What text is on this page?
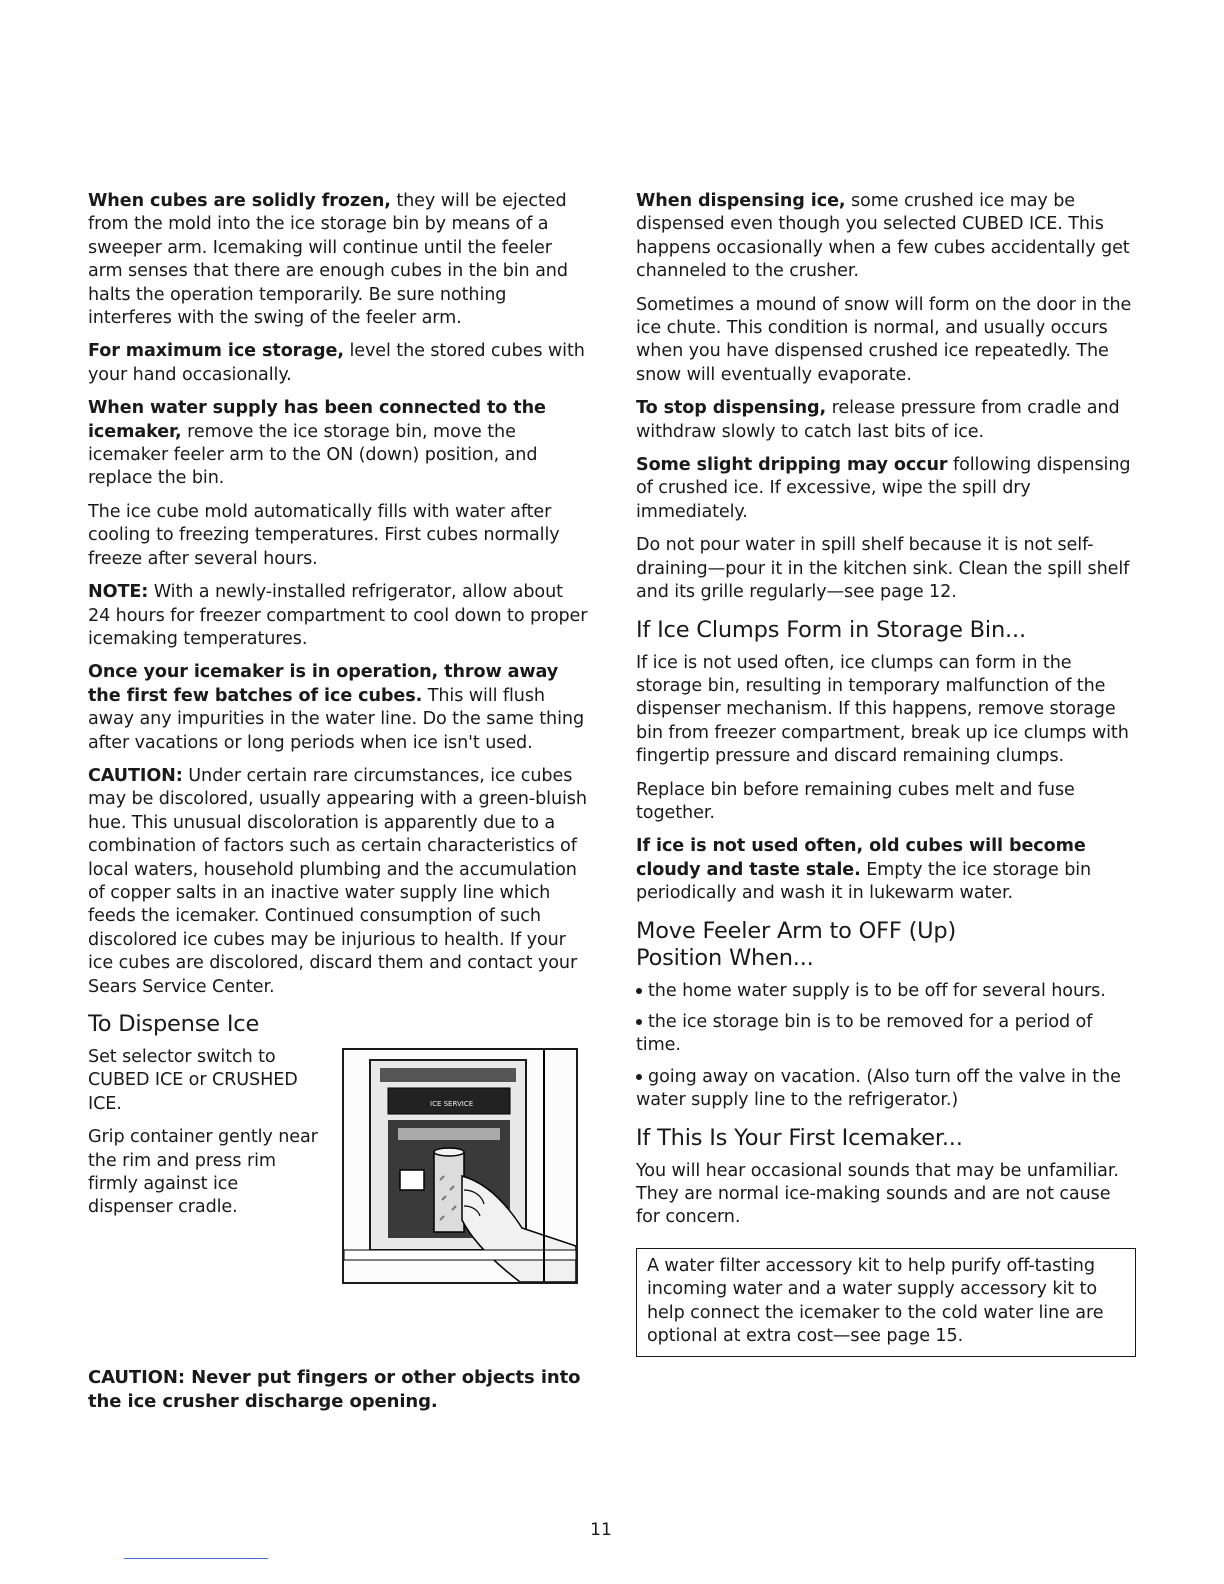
When cubes are solidly frozen, they will be ejected from the mold into the ice storage bin by means of a sweeper arm. Icemaking will continue until the feeler arm senses that there are enough cubes in the bin and halts the operation temporarily. Be sure nothing interferes with the swing of the feeler arm.

For maximum ice storage, level the stored cubes with your hand occasionally.

When water supply has been connected to the icemaker, remove the ice storage bin, move the icemaker feeler arm to the ON (down) position, and replace the bin.

The ice cube mold automatically fills with water after cooling to freezing temperatures. First cubes normally freeze after several hours.

NOTE: With a newly-installed refrigerator, allow about 24 hours for freezer compartment to cool down to proper icemaking temperatures.

Once your icemaker is in operation, throw away the first few batches of ice cubes. This will flush away any impurities in the water line. Do the same thing after vacations or long periods when ice isn't used.

CAUTION: Under certain rare circumstances, ice cubes may be discolored, usually appearing with a green-bluish hue. This unusual discoloration is apparently due to a combination of factors such as certain characteristics of local waters, household plumbing and the accumulation of copper salts in an inactive water supply line which feeds the icemaker. Continued consumption of such discolored ice cubes may be injurious to health. If your ice cubes are discolored, discard them and contact your Sears Service Center.

To Dispense Ice

Set selector switch to CUBED ICE or CRUSHED ICE.

Grip container gently near the rim and press rim firmly against ice dispenser cradle.

ICE SERVICE

CAUTION: Never put fingers or other objects into the ice crusher discharge opening.

When dispensing ice, some crushed ice may be dispensed even though you selected CUBED ICE. This happens occasionally when a few cubes accidentally get channeled to the crusher.

Sometimes a mound of snow will form on the door in the ice chute. This condition is normal, and usually occurs when you have dispensed crushed ice repeatedly. The snow will eventually evaporate.

To stop dispensing, release pressure from cradle and withdraw slowly to catch last bits of ice.

Some slight dripping may occur following dispensing of crushed ice. If excessive, wipe the spill dry immediately.

Do not pour water in spill shelf because it is not self-draining—pour it in the kitchen sink. Clean the spill shelf and its grille regularly—see page 12.

If Ice Clumps Form in Storage Bin...

If ice is not used often, ice clumps can form in the storage bin, resulting in temporary malfunction of the dispenser mechanism. If this happens, remove storage bin from freezer compartment, break up ice clumps with fingertip pressure and discard remaining clumps.

Replace bin before remaining cubes melt and fuse together.

If ice is not used often, old cubes will become cloudy and taste stale. Empty the ice storage bin periodically and wash it in lukewarm water.

Move Feeler Arm to OFF (Up)
Position When...

the home water supply is to be off for several hours.

the ice storage bin is to be removed for a period of time.

going away on vacation. (Also turn off the valve in the water supply line to the refrigerator.)

If This Is Your First Icemaker...

You will hear occasional sounds that may be unfamiliar. They are normal ice-making sounds and are not cause for concern.

A water filter accessory kit to help purify off-tasting incoming water and a water supply accessory kit to help connect the icemaker to the cold water line are optional at extra cost—see page 15.

11
